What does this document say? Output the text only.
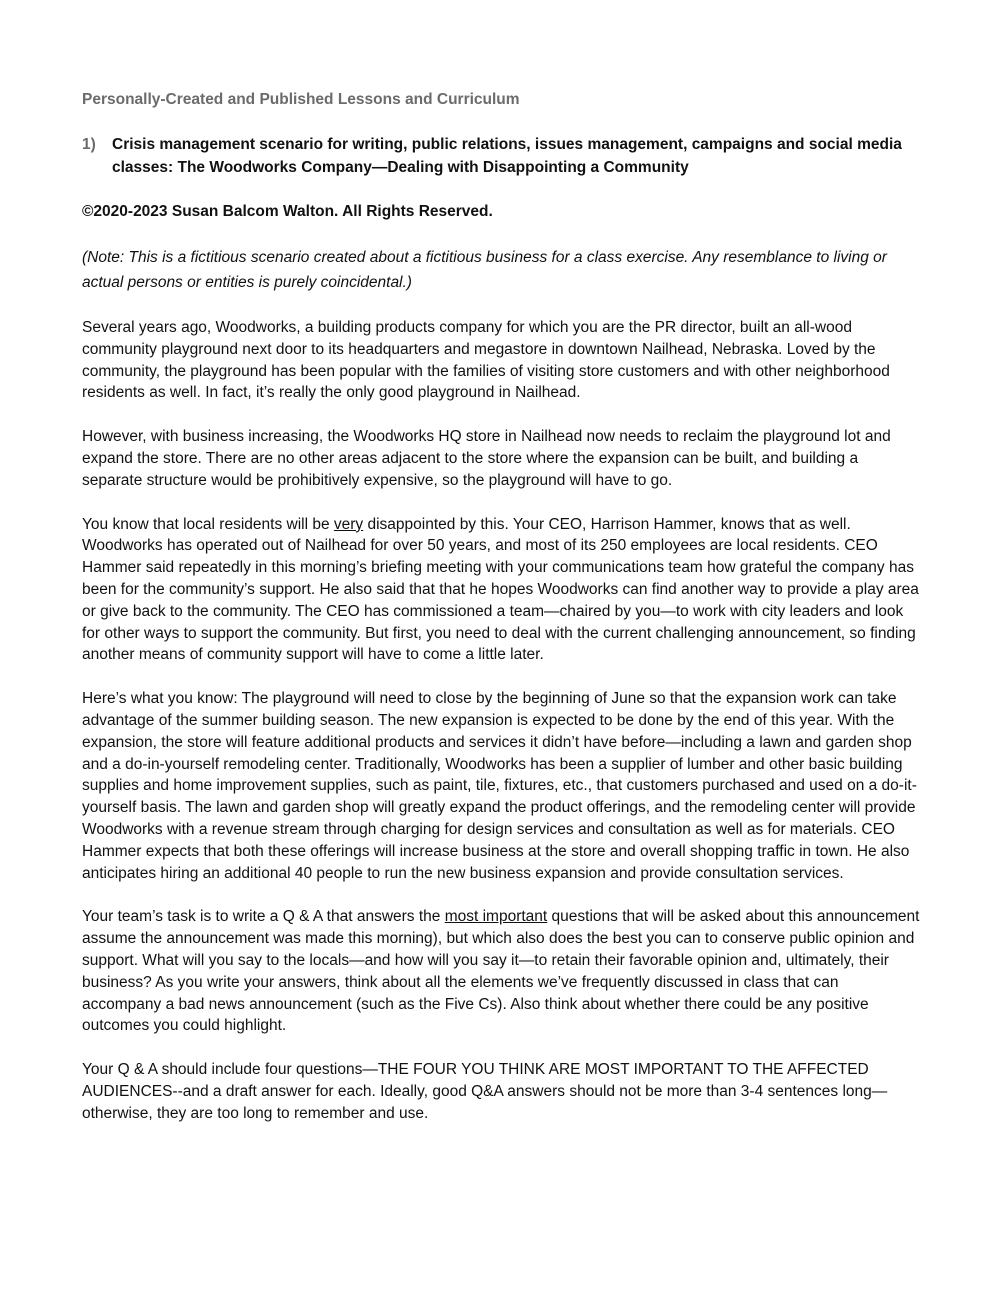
Personally-Created and Published Lessons and Curriculum
1) Crisis management scenario for writing, public relations, issues management, campaigns and social media classes: The Woodworks Company—Dealing with Disappointing a Community
©2020-2023 Susan Balcom Walton. All Rights Reserved.
(Note: This is a fictitious scenario created about a fictitious business for a class exercise. Any resemblance to living or actual persons or entities is purely coincidental.)

Several years ago, Woodworks, a building products company for which you are the PR director, built an all-wood community playground next door to its headquarters and megastore in downtown Nailhead, Nebraska. Loved by the community, the playground has been popular with the families of visiting store customers and with other neighborhood residents as well. In fact, it’s really the only good playground in Nailhead.

However, with business increasing, the Woodworks HQ store in Nailhead now needs to reclaim the playground lot and expand the store. There are no other areas adjacent to the store where the expansion can be built, and building a separate structure would be prohibitively expensive, so the playground will have to go.

You know that local residents will be very disappointed by this. Your CEO, Harrison Hammer, knows that as well. Woodworks has operated out of Nailhead for over 50 years, and most of its 250 employees are local residents. CEO Hammer said repeatedly in this morning’s briefing meeting with your communications team how grateful the company has been for the community’s support. He also said that that he hopes Woodworks can find another way to provide a play area or give back to the community. The CEO has commissioned a team—chaired by you—to work with city leaders and look for other ways to support the community. But first, you need to deal with the current challenging announcement, so finding another means of community support will have to come a little later.

Here’s what you know: The playground will need to close by the beginning of June so that the expansion work can take advantage of the summer building season. The new expansion is expected to be done by the end of this year. With the expansion, the store will feature additional products and services it didn’t have before—including a lawn and garden shop and a do-in-yourself remodeling center. Traditionally, Woodworks has been a supplier of lumber and other basic building supplies and home improvement supplies, such as paint, tile, fixtures, etc., that customers purchased and used on a do-it-yourself basis. The lawn and garden shop will greatly expand the product offerings, and the remodeling center will provide Woodworks with a revenue stream through charging for design services and consultation as well as for materials. CEO Hammer expects that both these offerings will increase business at the store and overall shopping traffic in town. He also anticipates hiring an additional 40 people to run the new business expansion and provide consultation services.

Your team’s task is to write a Q & A that answers the most important questions that will be asked about this announcement assume the announcement was made this morning), but which also does the best you can to conserve public opinion and support. What will you say to the locals—and how will you say it—to retain their favorable opinion and, ultimately, their business? As you write your answers, think about all the elements we’ve frequently discussed in class that can accompany a bad news announcement (such as the Five Cs). Also think about whether there could be any positive outcomes you could highlight.

Your Q & A should include four questions—THE FOUR YOU THINK ARE MOST IMPORTANT TO THE AFFECTED AUDIENCES--and a draft answer for each. Ideally, good Q&A answers should not be more than 3-4 sentences long—otherwise, they are too long to remember and use.
